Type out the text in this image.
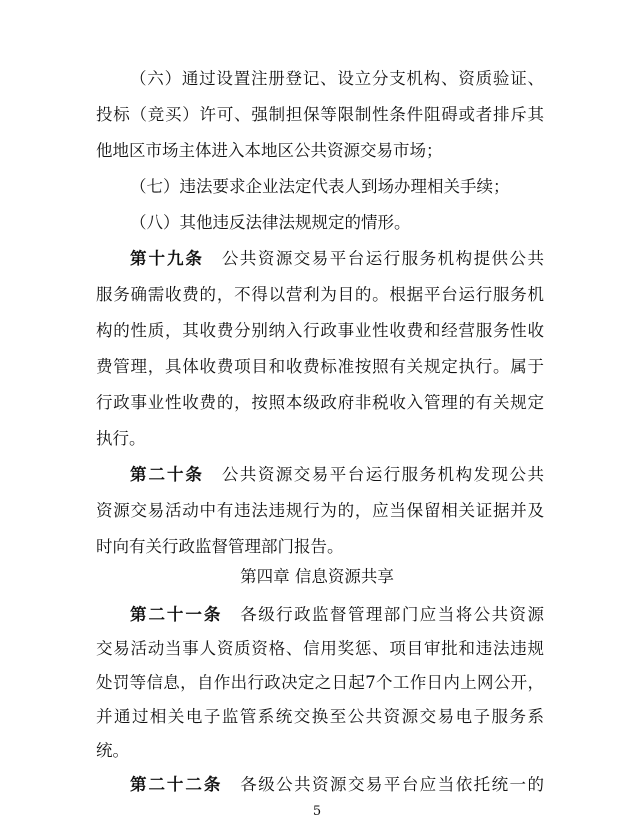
（六）通过设置注册登记、设立分支机构、资质验证、
投标（竞买）许可、强制担保等限制性条件阻碍或者排斥其
他地区市场主体进入本地区公共资源交易市场；
（七）违法要求企业法定代表人到场办理相关手续；
（八）其他违反法律法规规定的情形。
第十九条　公共资源交易平台运行服务机构提供公共
服务确需收费的，不得以营利为目的。根据平台运行服务机
构的性质，其收费分别纳入行政事业性收费和经营服务性收
费管理，具体收费项目和收费标准按照有关规定执行。属于
行政事业性收费的，按照本级政府非税收入管理的有关规定
执行。
第二十条　公共资源交易平台运行服务机构发现公共
资源交易活动中有违法违规行为的，应当保留相关证据并及
时向有关行政监督管理部门报告。
第四章 信息资源共享
第二十一条　各级行政监督管理部门应当将公共资源
交易活动当事人资质资格、信用奖惩、项目审批和违法违规
处罚等信息，自作出行政决定之日起7个工作日内上网公开，
并通过相关电子监管系统交换至公共资源交易电子服务系
统。
5
第二十二条　各级公共资源交易平台应当依托统一的
